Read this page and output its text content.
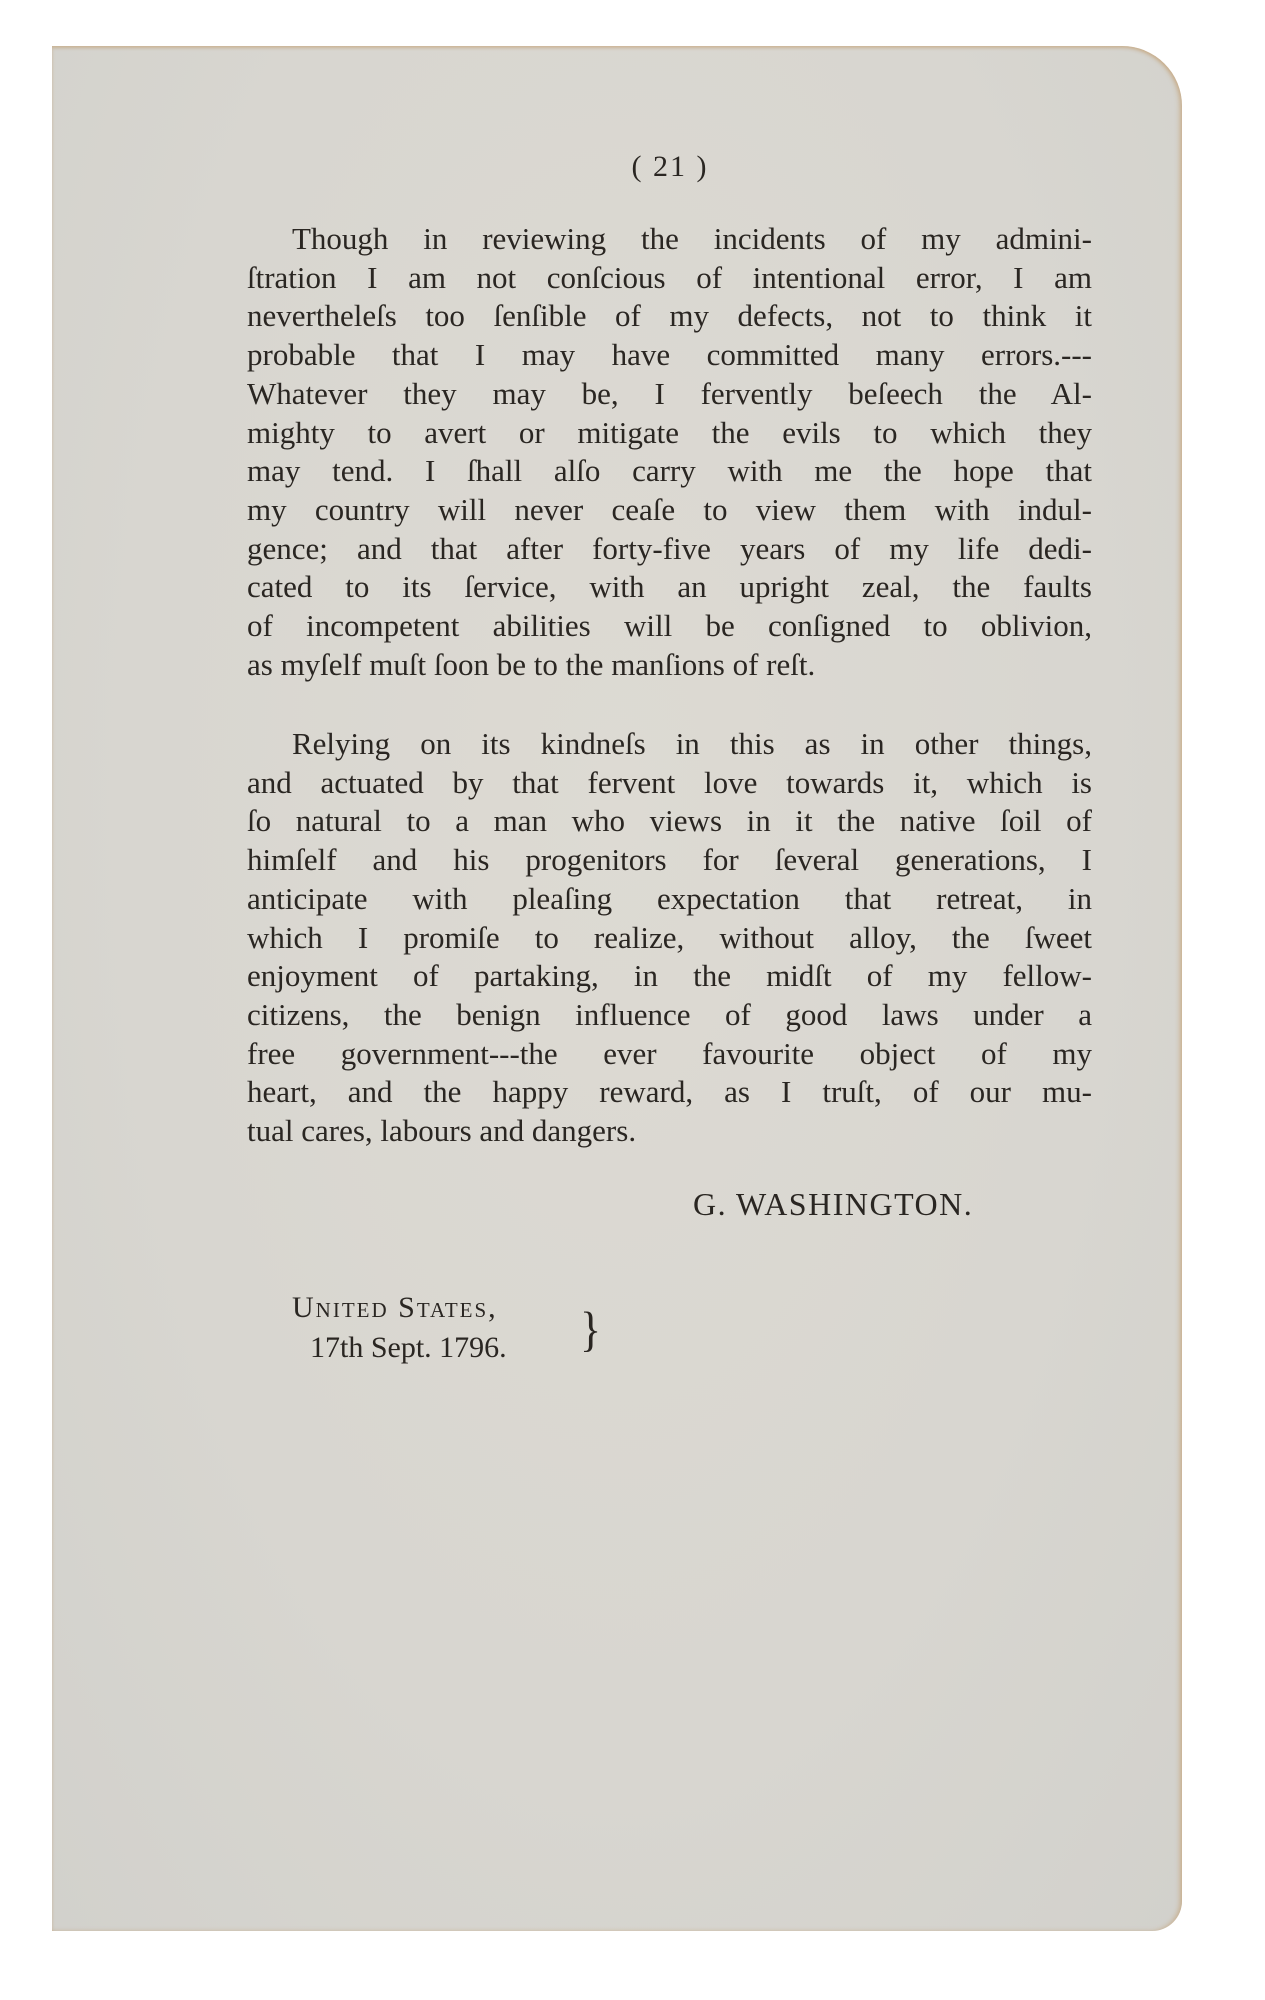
( 21 )
Though in reviewing the incidents of my admini-
ſtration I am not conſcious of intentional error, I am
nevertheleſs too ſenſible of my defects, not to think it
probable that I may have committed many errors.---
Whatever they may be, I fervently beſeech the Al-
mighty to avert or mitigate the evils to which they
may tend. I ſhall alſo carry with me the hope that
my country will never ceaſe to view them with indul-
gence; and that after forty-five years of my life dedi-
cated to its ſervice, with an upright zeal, the faults
of incompetent abilities will be conſigned to oblivion,
as myſelf muſt ſoon be to the manſions of reſt.
Relying on its kindneſs in this as in other things,
and actuated by that fervent love towards it, which is
ſo natural to a man who views in it the native ſoil of
himſelf and his progenitors for ſeveral generations, I
anticipate with pleaſing expectation that retreat, in
which I promiſe to realize, without alloy, the ſweet
enjoyment of partaking, in the midſt of my fellow-
citizens, the benign influence of good laws under a
free government---the ever favourite object of my
heart, and the happy reward, as I truſt, of our mu-
tual cares, labours and dangers.
G. WASHINGTON.
United States,
17th Sept. 1796. }
